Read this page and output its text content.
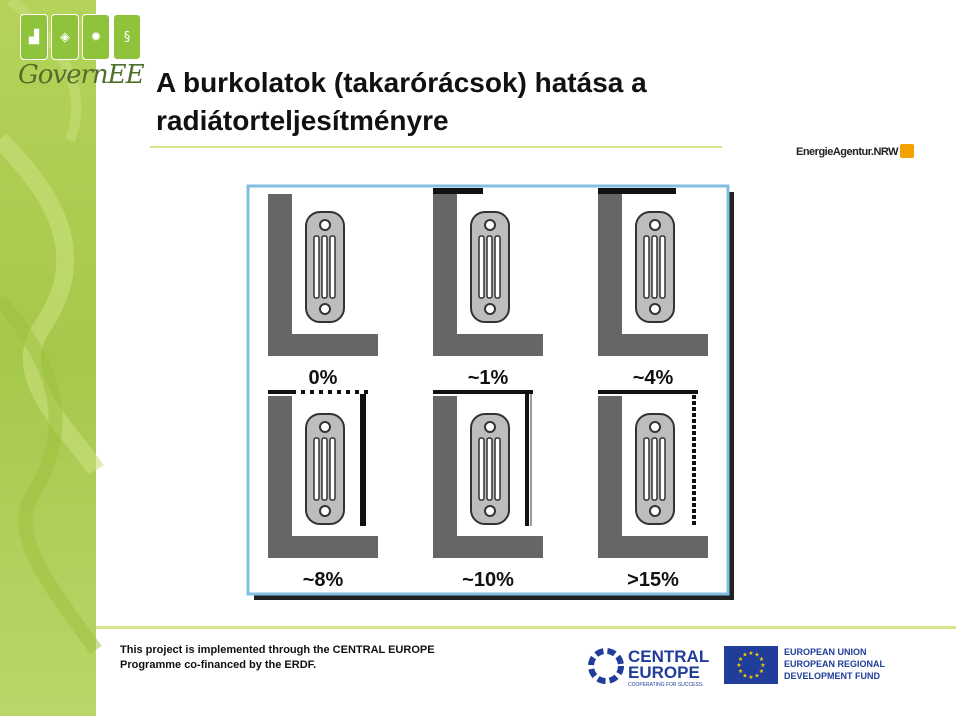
▟ ◈ ✹ §
GovernEE A burkolatok (takarórácsok) hatása a radiátorteljesítményre
EnergieAgentur.NRW
0%	~1%	~4%
~8%	~10%	>15%
This project is implemented through the CENTRAL EUROPE
Programme co-financed by the ERDF.	CENTRAL
EUROPE
COOPERATING FOR SUCCESS.
★
★
★
★
★
★
★
★
★ ★ ★
★
EUROPEAN UNION
EUROPEAN REGIONAL
DEVELOPMENT FUND
